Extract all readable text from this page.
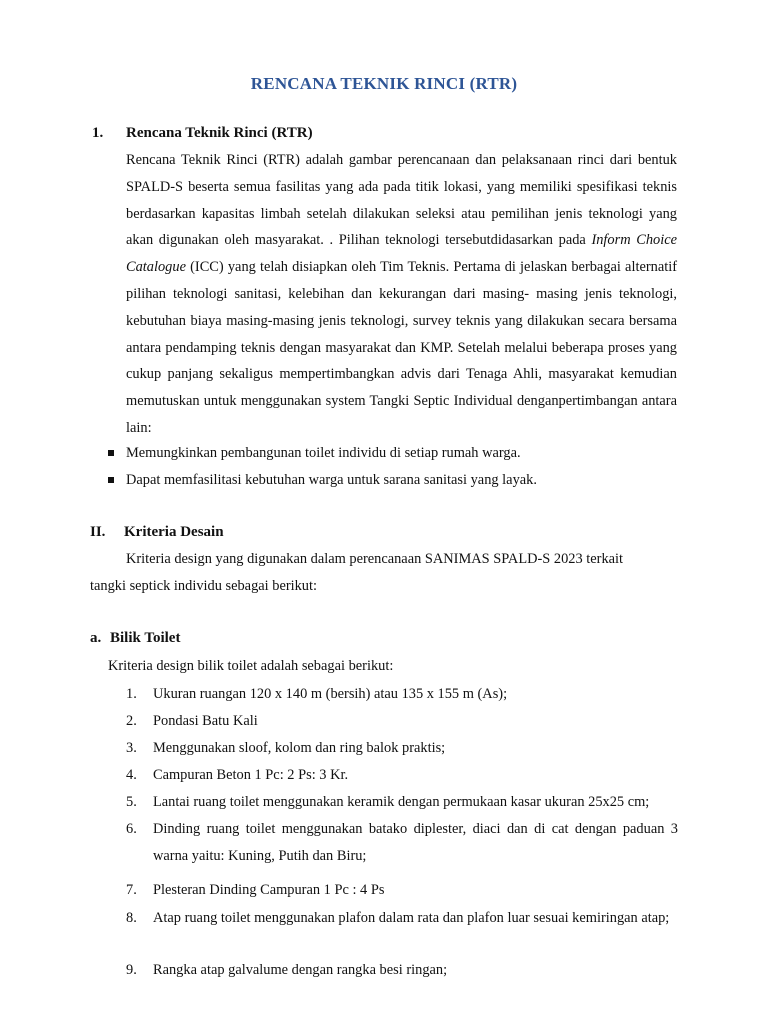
RENCANA TEKNIK RINCI (RTR)
1. Rencana Teknik Rinci (RTR)

Rencana Teknik Rinci (RTR) adalah gambar perencanaan dan pelaksanaan rinci dari bentuk SPALD-S beserta semua fasilitas yang ada pada titik lokasi, yang memiliki spesifikasi teknis berdasarkan kapasitas limbah setelah dilakukan seleksi atau pemilihan jenis teknologi yang akan digunakan oleh masyarakat. . Pilihan teknologi tersebutdidasarkan pada Inform Choice Catalogue (ICC) yang telah disiapkan oleh Tim Teknis. Pertama di jelaskan berbagai alternatif pilihan teknologi sanitasi, kelebihan dan kekurangan dari masing- masing jenis teknologi, kebutuhan biaya masing-masing jenis teknologi, survey teknis yang dilakukan secara bersama antara pendamping teknis dengan masyarakat dan KMP. Setelah melalui beberapa proses yang cukup panjang sekaligus mempertimbangkan advis dari Tenaga Ahli, masyarakat kemudian memutuskan untuk menggunakan system Tangki Septic Individual denganpertimbangan antara lain:

Memungkinkan pembangunan toilet individu di setiap rumah warga.
Dapat memfasilitasi kebutuhan warga untuk sarana sanitasi yang layak.
II. Kriteria Desain
Kriteria design yang digunakan dalam perencanaan SANIMAS SPALD-S 2023 terkait
tangki septick individu sebagai berikut:
a. Bilik Toilet
Kriteria design bilik toilet adalah sebagai berikut:
1.	Ukuran ruangan 120 x 140 m (bersih) atau 135 x 155 m (As);
2.	Pondasi Batu Kali
3.	Menggunakan sloof, kolom dan ring balok praktis;
4.	Campuran Beton 1 Pc: 2 Ps: 3 Kr.
5.	Lantai ruang toilet menggunakan keramik dengan permukaan kasar ukuran 25x25 cm;
6.	Dinding ruang toilet menggunakan batako diplester, diaci dan di cat dengan paduan 3 warna yaitu: Kuning, Putih dan Biru;
7.	Plesteran Dinding Campuran 1 Pc : 4 Ps
8.	Atap ruang toilet menggunakan plafon dalam rata dan plafon luar sesuai kemiringan atap;
9.	Rangka atap galvalume dengan rangka besi ringan;
